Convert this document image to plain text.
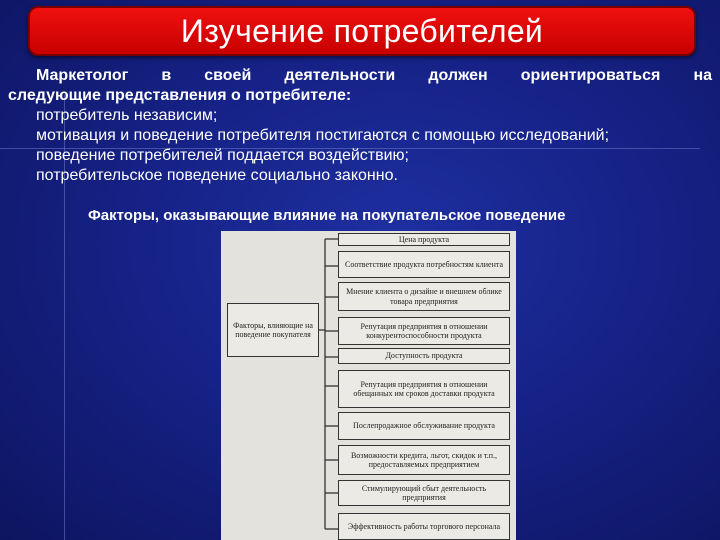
Изучение потребителей
Маркетолог в своей деятельности должен ориентироваться на
следующие представления о потребителе:
потребитель независим;
мотивация и поведение потребителя постигаются с помощью исследований;
поведение потребителей поддается воздействию;
потребительское поведение социально законно.
Факторы, оказывающие влияние на покупательское поведение
Факторы, влияющие на поведение покупателя
Цена продукта
Соответствие продукта потребностям клиента
Мнение клиента о дизайне и внешнем облике товара предприятия
Репутация предприятия в отношении конкурентоспособности продукта
Доступность продукта
Репутация предприятия в отношении обещанных им сроков доставки продукта
Послепродажное обслуживание продукта
Возможности кредита, льгот, скидок и т.п., предоставляемых предприятием
Стимулирующий сбыт деятельность предприятия
Эффективность работы торгового персонала
